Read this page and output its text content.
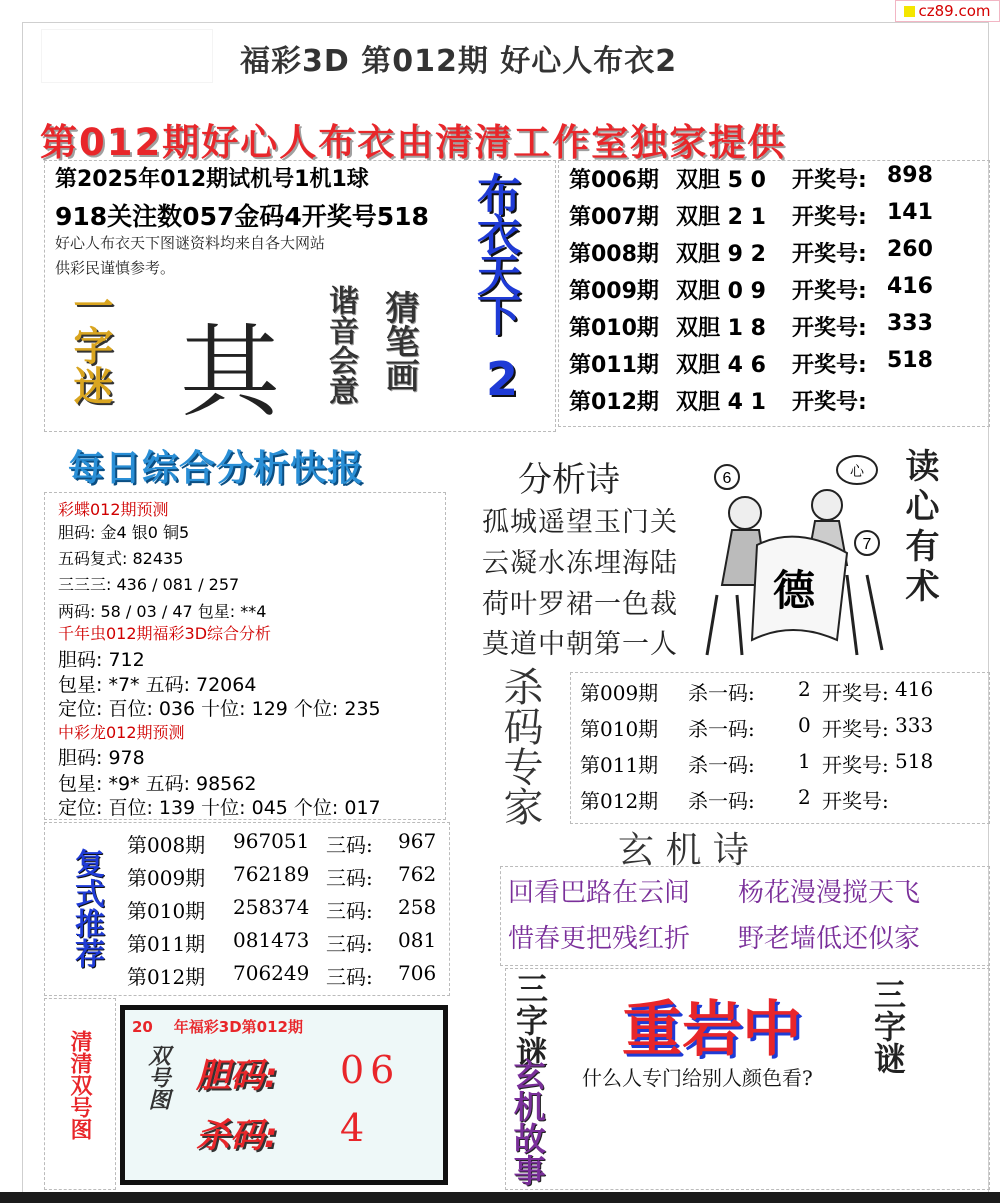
cz89.com
福彩3D 第012期 好心人布衣2
第012期好心人布衣由清清工作室独家提供
第2025年012期试机号1机1球
918关注数057金码4开奖号518
好心人布衣天下图谜资料均来自各大网站
供彩民谨慎参考。
一字迷 其	猜笔画
谐音会意
布衣天下
2
第006期 双胆 5 0 开奖号: 898
第007期 双胆 2 1 开奖号: 141
第008期 双胆 9 2 开奖号: 260
第009期 双胆 0 9 开奖号: 416
第010期 双胆 1 8 开奖号: 333
第011期 双胆 4 6 开奖号: 518
第012期 双胆 4 1 开奖号:
每日综合分析快报
彩蝶012期预测
胆码: 金4 银0 铜5
五码复式: 82435
三三三: 436 / 081 / 257
两码: 58 / 03 / 47 包星: **4
千年虫012期福彩3D综合分析
胆码: 712
包星: *7* 五码: 72064
定位: 百位: 036 十位: 129 个位: 235
中彩龙012期预测
胆码: 978
包星: *9* 五码: 98562
定位: 百位: 139 十位: 045 个位: 017
分析诗
孤城遥望玉门关
云凝水冻埋海陆
荷叶罗裙一色裁
莫道中朝第一人
6	心
7
德 读心有术
杀码专家 第009期 杀一码: 2 开奖号: 416
第010期 杀一码: 0 开奖号: 333
第011期 杀一码: 1 开奖号: 518
第012期 杀一码: 2 开奖号:
复式推荐
第008期 967051 三码: 967
第009期 762189 三码: 762
第010期 258374 三码: 258
第011期 081473 三码: 081
第012期 706249 三码: 706
玄 机 诗
回看巴路在云间 杨花漫漫搅天飞
惜春更把残红折 野老墙低还似家
三字谜	三字谜
重岩中
玄机故事 什么人专门给别人颜色看?
清清双号图
20    年福彩3D第012期
双号图 胆码: 06
杀码: 4
